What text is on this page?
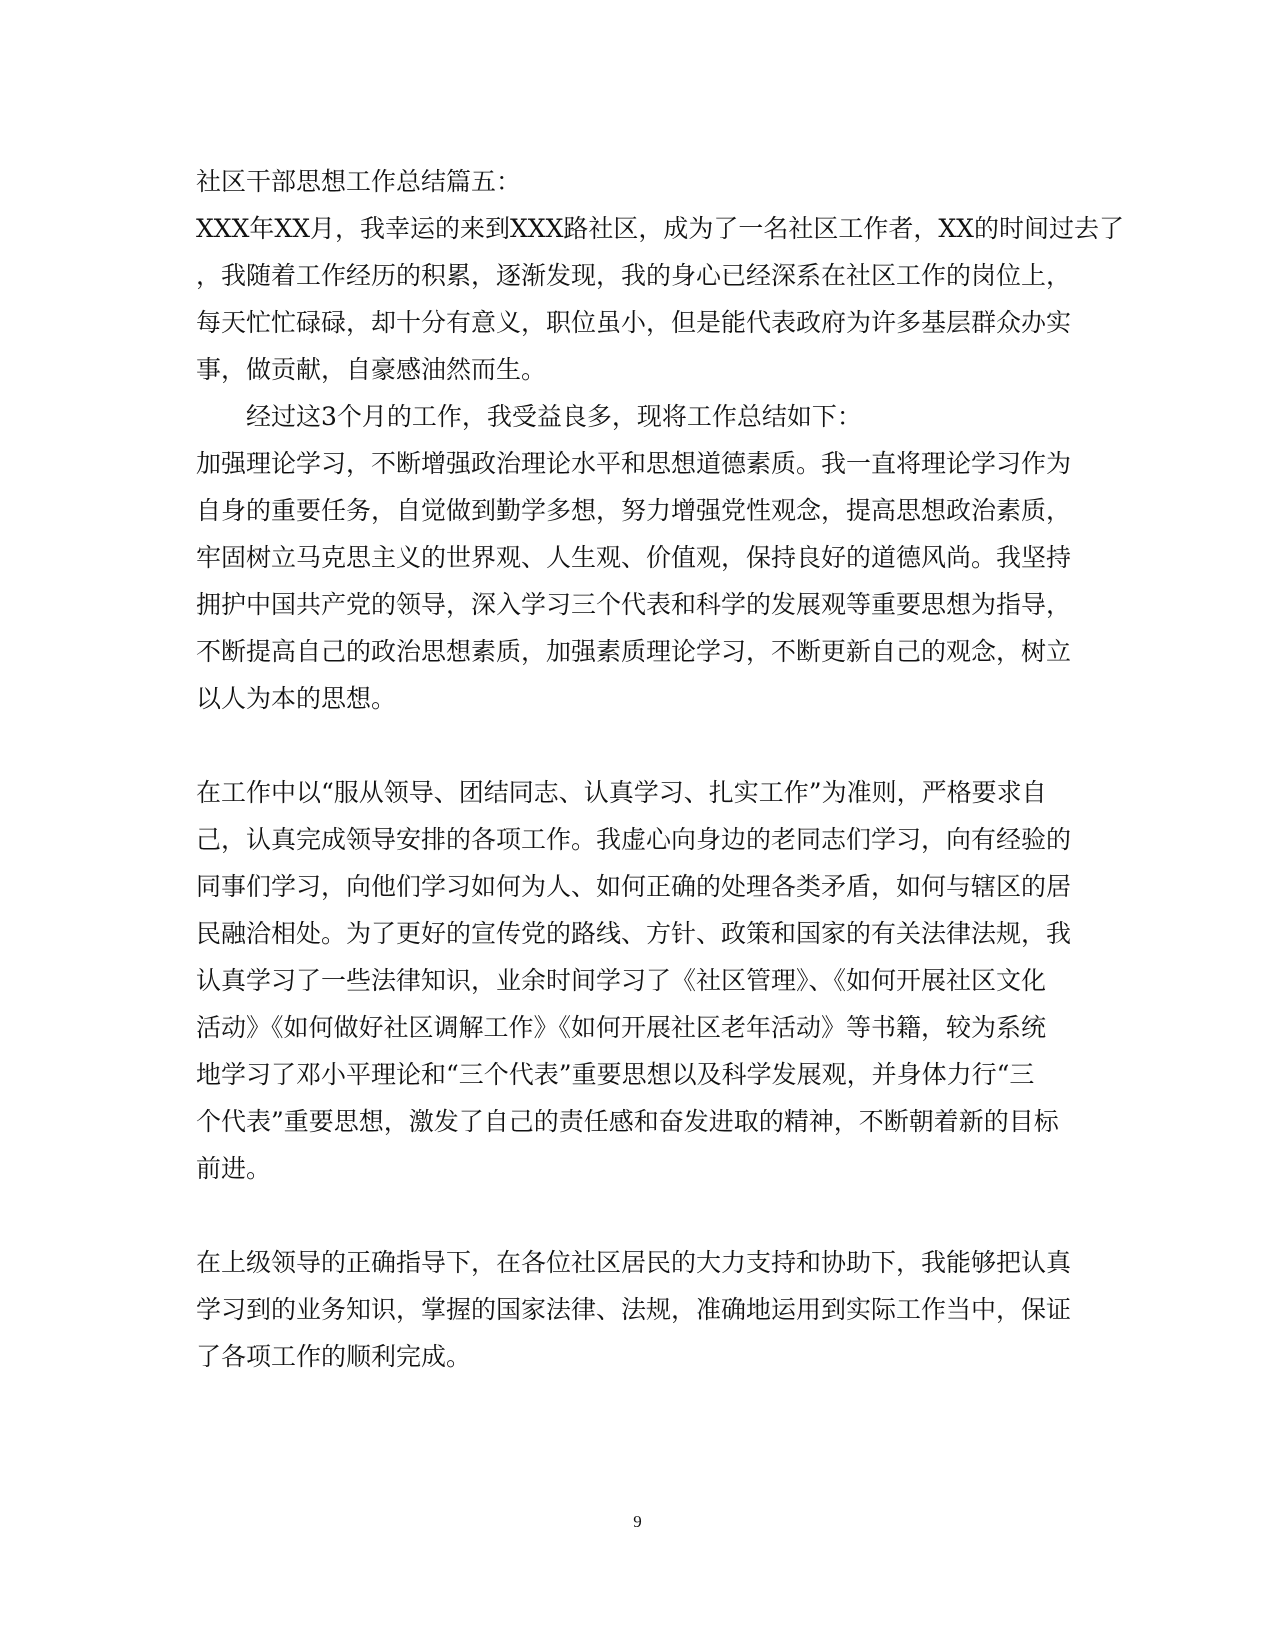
社区干部思想工作总结篇五：

XXX年XX月，我幸运的来到XXX路社区，成为了一名社区工作者，XX的时间过去了

，我随着工作经历的积累，逐渐发现，我的身心已经深系在社区工作的岗位上，

每天忙忙碌碌，却十分有意义，职位虽小，但是能代表政府为许多基层群众办实

事，做贡献，自豪感油然而生。

经过这3个月的工作，我受益良多，现将工作总结如下：

加强理论学习，不断增强政治理论水平和思想道德素质。我一直将理论学习作为

自身的重要任务，自觉做到勤学多想，努力增强党性观念，提高思想政治素质，

牢固树立马克思主义的世界观、人生观、价值观，保持良好的道德风尚。我坚持

拥护中国共产党的领导，深入学习三个代表和科学的发展观等重要思想为指导，

不断提高自己的政治思想素质，加强素质理论学习，不断更新自己的观念，树立

以人为本的思想。

在工作中以“服从领导、团结同志、认真学习、扎实工作”为准则，严格要求自

己，认真完成领导安排的各项工作。我虚心向身边的老同志们学习，向有经验的

同事们学习，向他们学习如何为人、如何正确的处理各类矛盾，如何与辖区的居

民融洽相处。为了更好的宣传党的路线、方针、政策和国家的有关法律法规，我

认真学习了一些法律知识，业余时间学习了《社区管理》、《如何开展社区文化

活动》《如何做好社区调解工作》《如何开展社区老年活动》等书籍，较为系统

地学习了邓小平理论和“三个代表”重要思想以及科学发展观，并身体力行“三

个代表”重要思想，激发了自己的责任感和奋发进取的精神，不断朝着新的目标

前进。

在上级领导的正确指导下，在各位社区居民的大力支持和协助下，我能够把认真

学习到的业务知识，掌握的国家法律、法规，准确地运用到实际工作当中，保证

了各项工作的顺利完成。

9
